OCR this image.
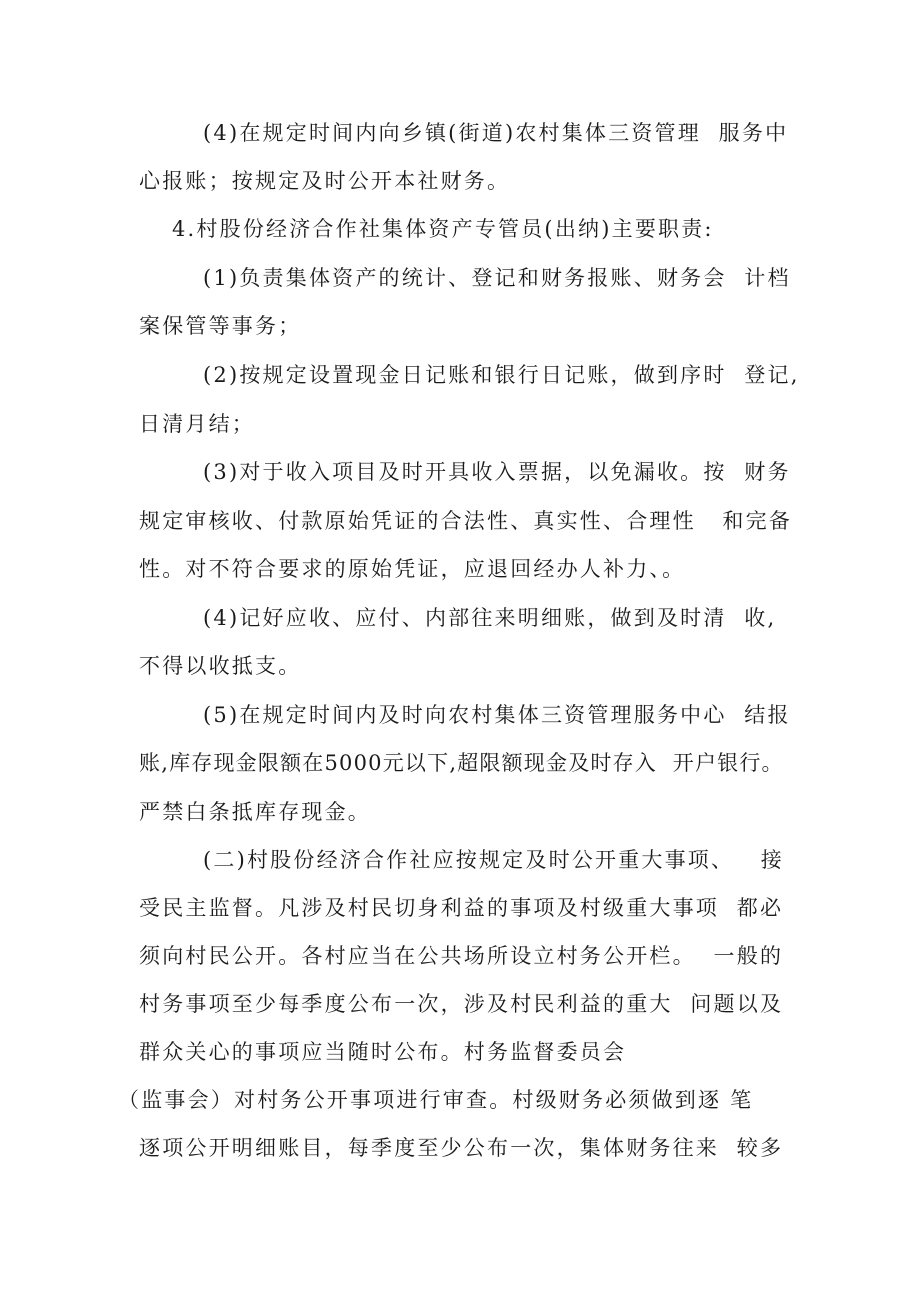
(4)在规定时间内向乡镇(街道)农村集体三资管理  服务中
心报账；按规定及时公开本社财务。
4.村股份经济合作社集体资产专管员(出纳)主要职责:
(1)负责集体资产的统计、登记和财务报账、财务会  计档
案保管等事务；
(2)按规定设置现金日记账和银行日记账，做到序时  登记,
日清月结；
(3)对于收入项目及时开具收入票据，以免漏收。按  财务
规定审核收、付款原始凭证的合法性、真实性、合理性   和完备
性。对不符合要求的原始凭证，应退回经办人补力、。
(4)记好应收、应付、内部往来明细账，做到及时清  收,
不得以收抵支。
(5)在规定时间内及时向农村集体三资管理服务中心  结报
账,库存现金限额在5000元以下,超限额现金及时存入  开户银行。
严禁白条抵库存现金。
(二)村股份经济合作社应按规定及时公开重大事项、   接
受民主监督。凡涉及村民切身利益的事项及村级重大事项  都必
须向村民公开。各村应当在公共场所设立村务公开栏。  一般的
村务事项至少每季度公布一次，涉及村民利益的重大  问题以及
群众关心的事项应当随时公布。村务监督委员会
（监事会）对村务公开事项进行审查。村级财务必须做到逐 笔
逐项公开明细账目，每季度至少公布一次，集体财务往来  较多
